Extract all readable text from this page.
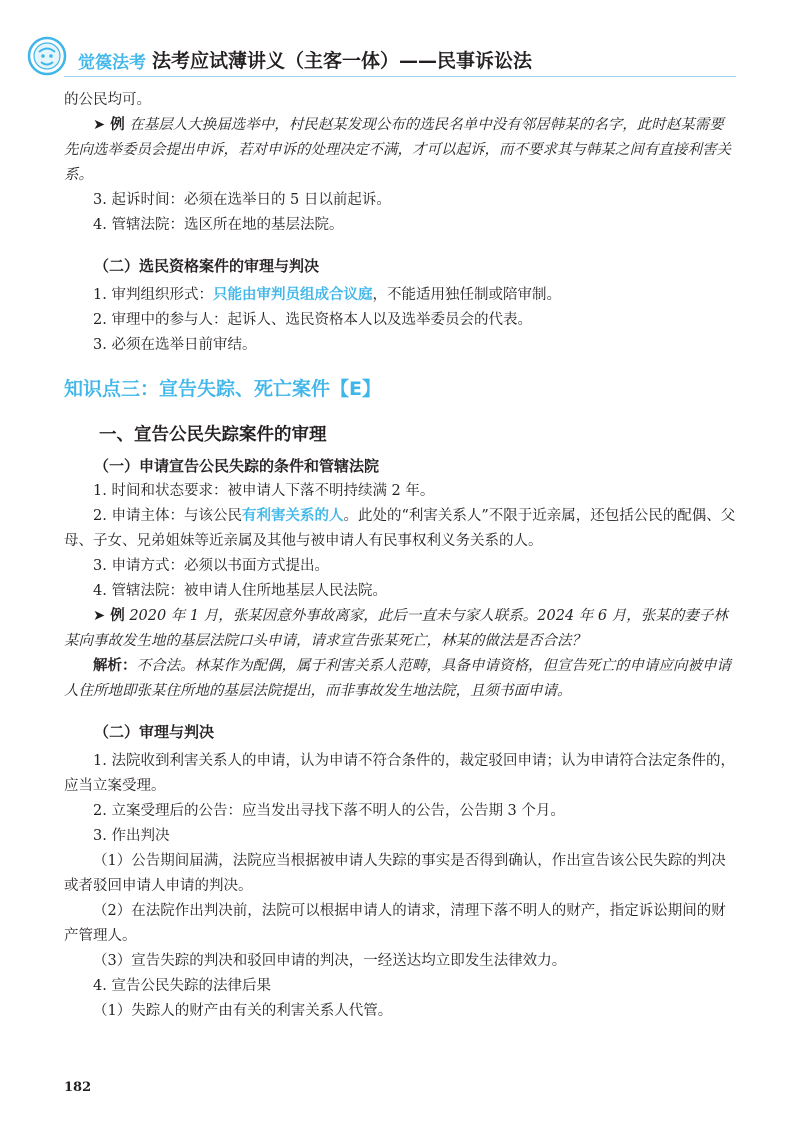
觉篌法考 法考应试薄讲义（主客一体）——民事诉讼法

的公民均可。

➤ 例 在基层人大换届选举中，村民赵某发现公布的选民名单中没有邻居韩某的名字，此时赵某需要先向选举委员会提出申诉，若对申诉的处理决定不满，才可以起诉，而不要求其与韩某之间有直接利害关系。

3. 起诉时间：必须在选举日的 5 日以前起诉。

4. 管辖法院：选区所在地的基层法院。

（二）选民资格案件的审理与判决

1. 审判组织形式：只能由审判员组成合议庭，不能适用独任制或陪审制。

2. 审理中的参与人：起诉人、选民资格本人以及选举委员会的代表。

3. 必须在选举日前审结。

知识点三：宣告失踪、死亡案件【E】

一、宣告公民失踪案件的审理

（一）申请宣告公民失踪的条件和管辖法院

1. 时间和状态要求：被申请人下落不明持续满 2 年。

2. 申请主体：与该公民有利害关系的人。此处的“利害关系人”不限于近亲属，还包括公民的配偶、父母、子女、兄弟姐妹等近亲属及其他与被申请人有民事权利义务关系的人。

3. 申请方式：必须以书面方式提出。

4. 管辖法院：被申请人住所地基层人民法院。

➤ 例 2020 年 1 月，张某因意外事故离家，此后一直未与家人联系。2024 年 6 月，张某的妻子林某向事故发生地的基层法院口头申请，请求宣告张某死亡，林某的做法是否合法？

解析：不合法。林某作为配偶，属于利害关系人范畴，具备申请资格，但宣告死亡的申请应向被申请人住所地即张某住所地的基层法院提出，而非事故发生地法院，且须书面申请。

（二）审理与判决

1. 法院收到利害关系人的申请，认为申请不符合条件的，裁定驳回申请；认为申请符合法定条件的，应当立案受理。

2. 立案受理后的公告：应当发出寻找下落不明人的公告，公告期 3 个月。

3. 作出判决

（1）公告期间届满，法院应当根据被申请人失踪的事实是否得到确认，作出宣告该公民失踪的判决或者驳回申请人申请的判决。

（2）在法院作出判决前，法院可以根据申请人的请求，清理下落不明人的财产，指定诉讼期间的财产管理人。

（3）宣告失踪的判决和驳回申请的判决，一经送达均立即发生法律效力。

4. 宣告公民失踪的法律后果

（1）失踪人的财产由有关的利害关系人代管。

182
